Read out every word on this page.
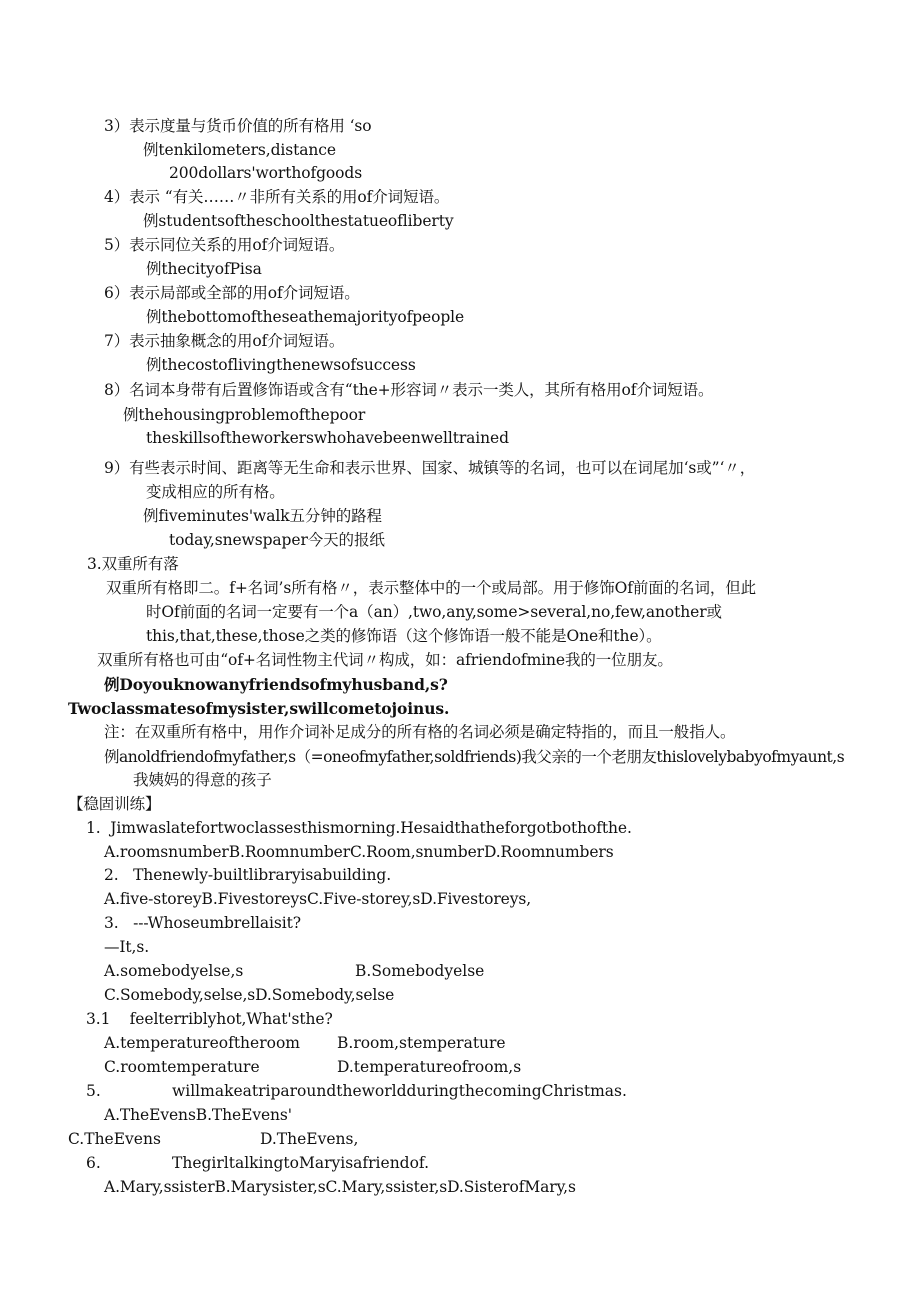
3）表示度量与货币价值的所有格用 ‘so
例tenkilometers,distance
200dollars'worthofgoods
4）表示 “有关……〃非所有关系的用of介词短语。
例studentsoftheschoolthestatueofliberty
5）表示同位关系的用of介词短语。
例thecityofPisa
6）表示局部或全部的用of介词短语。
例thebottomoftheseathemajorityofpeople
7）表示抽象概念的用of介词短语。
例thecostoflivingthenewsofsuccess
8）名词本身带有后置修饰语或含有“the+形容词〃表示一类人，其所有格用of介词短语。
例thehousingproblemofthepoor
theskillsoftheworkerswhohavebeenwelltrained
9）有些表示时间、距离等无生命和表示世界、国家、城镇等的名词，也可以在词尾加‘s或”‘〃，
变成相应的所有格。
例fiveminutes'walk五分钟的路程
today,snewspaper今天的报纸
3.双重所有落
双重所有格即二。f+名词’s所有格〃，表示整体中的一个或局部。用于修饰Of前面的名词，但此
时Of前面的名词一定要有一个a（an）,two,any,some>several,no,few,another或
this,that,these,those之类的修饰语（这个修饰语一般不能是One和the）。
双重所有格也可由“of+名词性物主代词〃构成，如：afriendofmine我的一位朋友。
例Doyouknowanyfriendsofmyhusband,s?
Twoclassmatesofmysister,swillcometojoinus.
注：在双重所有格中，用作介词补足成分的所有格的名词必须是确定特指的，而且一般指人。
例anoldfriendofmyfather,s（=oneofmyfather,soldfriends)我父亲的一个老朋友thislovelybabyofmyaunt,s
我姨妈的得意的孩子
【稳固训练】
1.  Jimwaslatefortwoclassesthismorning.Hesaidthatheforgotbothofthe.
A.roomsnumberB.RoomnumberC.Room,snumberD.Roomnumbers
2.   Thenewly-builtlibraryisabuilding.
A.five-storeyB.FivestoreysC.Five-storey,sD.Fivestoreys,
3.   ---Whoseumbrellaisit?
—It,s.
A.somebodyelse,s	B.Somebodyelse
C.Somebody,selse,sD.Somebody,selse
3.1    feelterriblyhot,What'sthe?
A.temperatureoftheroom B.room,stemperature
C.roomtemperature	D.temperatureofroom,s
5.	willmakeatriparoundtheworldduringthecomingChristmas.
A.TheEvensB.TheEvens'
C.TheEvens	D.TheEvens,
6.	ThegirltalkingtoMaryisafriendof.
A.Mary,ssisterB.Marysister,sC.Mary,ssister,sD.SisterofMary,s
